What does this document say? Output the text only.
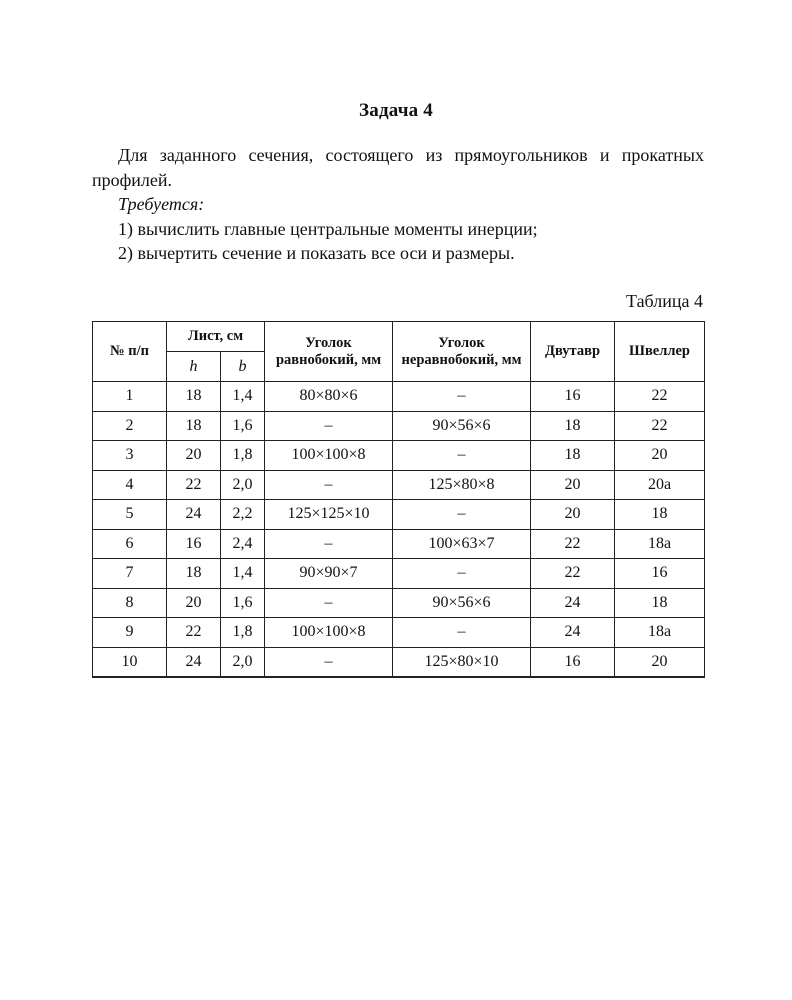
Задача 4

Для заданного сечения, состоящего из прямоугольников и прокатных профилей.

Требуется:

1) вычислить главные центральные моменты инерции;

2) вычертить сечение и показать все оси и размеры.

Таблица 4
№ п/п	Лист, см		Уголок равнобокий, мм	Уголок неравнобокий, мм	Двутавр	Швеллер
	h	b				
1	18	1,4	80×80×6	–	16	22
2	18	1,6	–	90×56×6	18	22
3	20	1,8	100×100×8	–	18	20
4	22	2,0	–	125×80×8	20	20а
5	24	2,2	125×125×10	–	20	18
6	16	2,4	–	100×63×7	22	18а
7	18	1,4	90×90×7	–	22	16
8	20	1,6	–	90×56×6	24	18
9	22	1,8	100×100×8	–	24	18а
10	24	2,0	–	125×80×10	16	20
